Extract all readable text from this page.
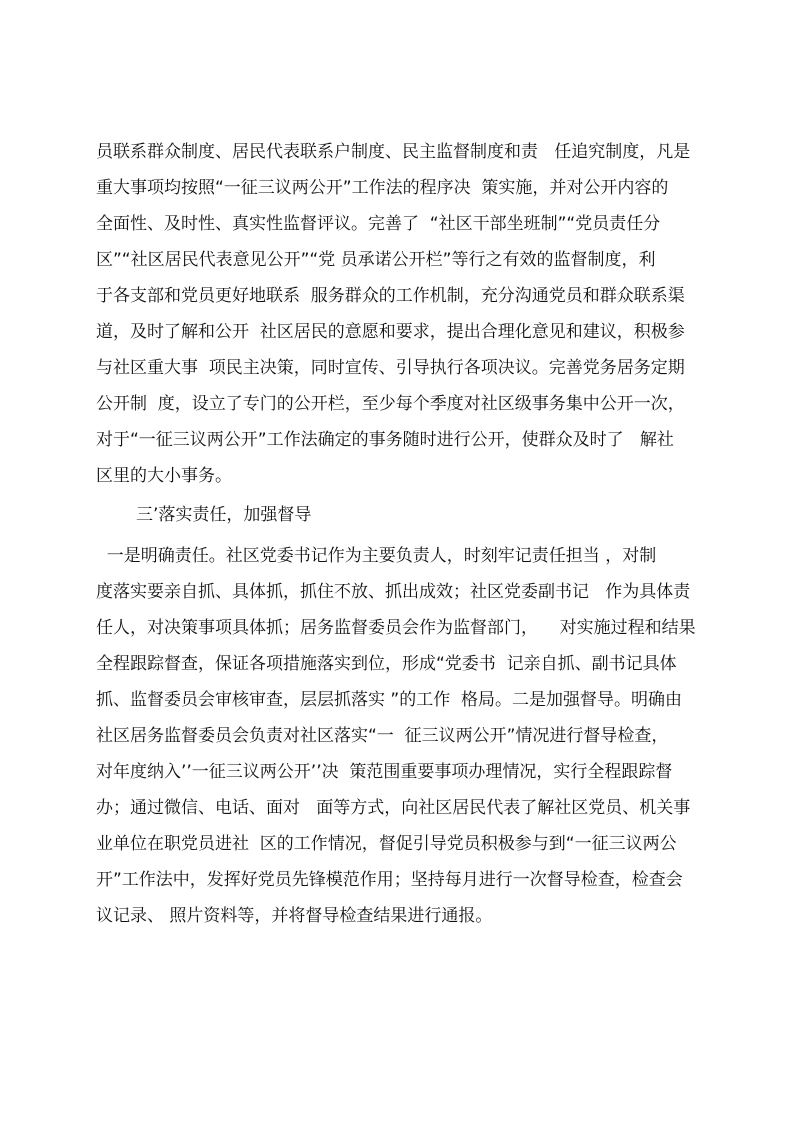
员联系群众制度、居民代表联系户制度、民主监督制度和责   任追究制度，凡是
重大事项均按照“一征三议两公开”工作法的程序决  策实施，并对公开内容的
全面性、及时性、真实性监督评议。完善了  “社区干部坐班制”“党员责任分
区”“社区居民代表意见公开”“党 员承诺公开栏”等行之有效的监督制度，利
于各支部和党员更好地联系  服务群众的工作机制，充分沟通党员和群众联系渠
道，及时了解和公开  社区居民的意愿和要求，提出合理化意见和建议，积极参
与社区重大事  项民主决策，同时宣传、引导执行各项决议。完善党务居务定期
公开制  度，设立了专门的公开栏，至少每个季度对社区级事务集中公开一次，
对于“一征三议两公开”工作法确定的事务随时进行公开，使群众及时了   解社
区里的大小事务。
三’落实责任，加强督导
一是明确责任。社区党委书记作为主要负责人，时刻牢记责任担当 ，对制
度落实要亲自抓、具体抓，抓住不放、抓出成效；社区党委副书记   作为具体责
任人，对决策事项具体抓；居务监督委员会作为监督部门，    对实施过程和结果
全程跟踪督查，保证各项措施落实到位，形成“党委书  记亲自抓、副书记具体
抓、监督委员会审核审查，层层抓落实 ”的工作  格局。二是加强督导。明确由
社区居务监督委员会负责对社区落实“一  征三议两公开”情况进行督导检查，
对年度纳入’’一征三议两公开’’决  策范围重要事项办理情况，实行全程跟踪督
办；通过微信、电话、面对   面等方式，向社区居民代表了解社区党员、机关事
业单位在职党员进社  区的工作情况，督促引导党员积极参与到“一征三议两公
开”工作法中，发挥好党员先锋模范作用；坚持每月进行一次督导检查，检查会
议记录、 照片资料等，并将督导检查结果进行通报。
